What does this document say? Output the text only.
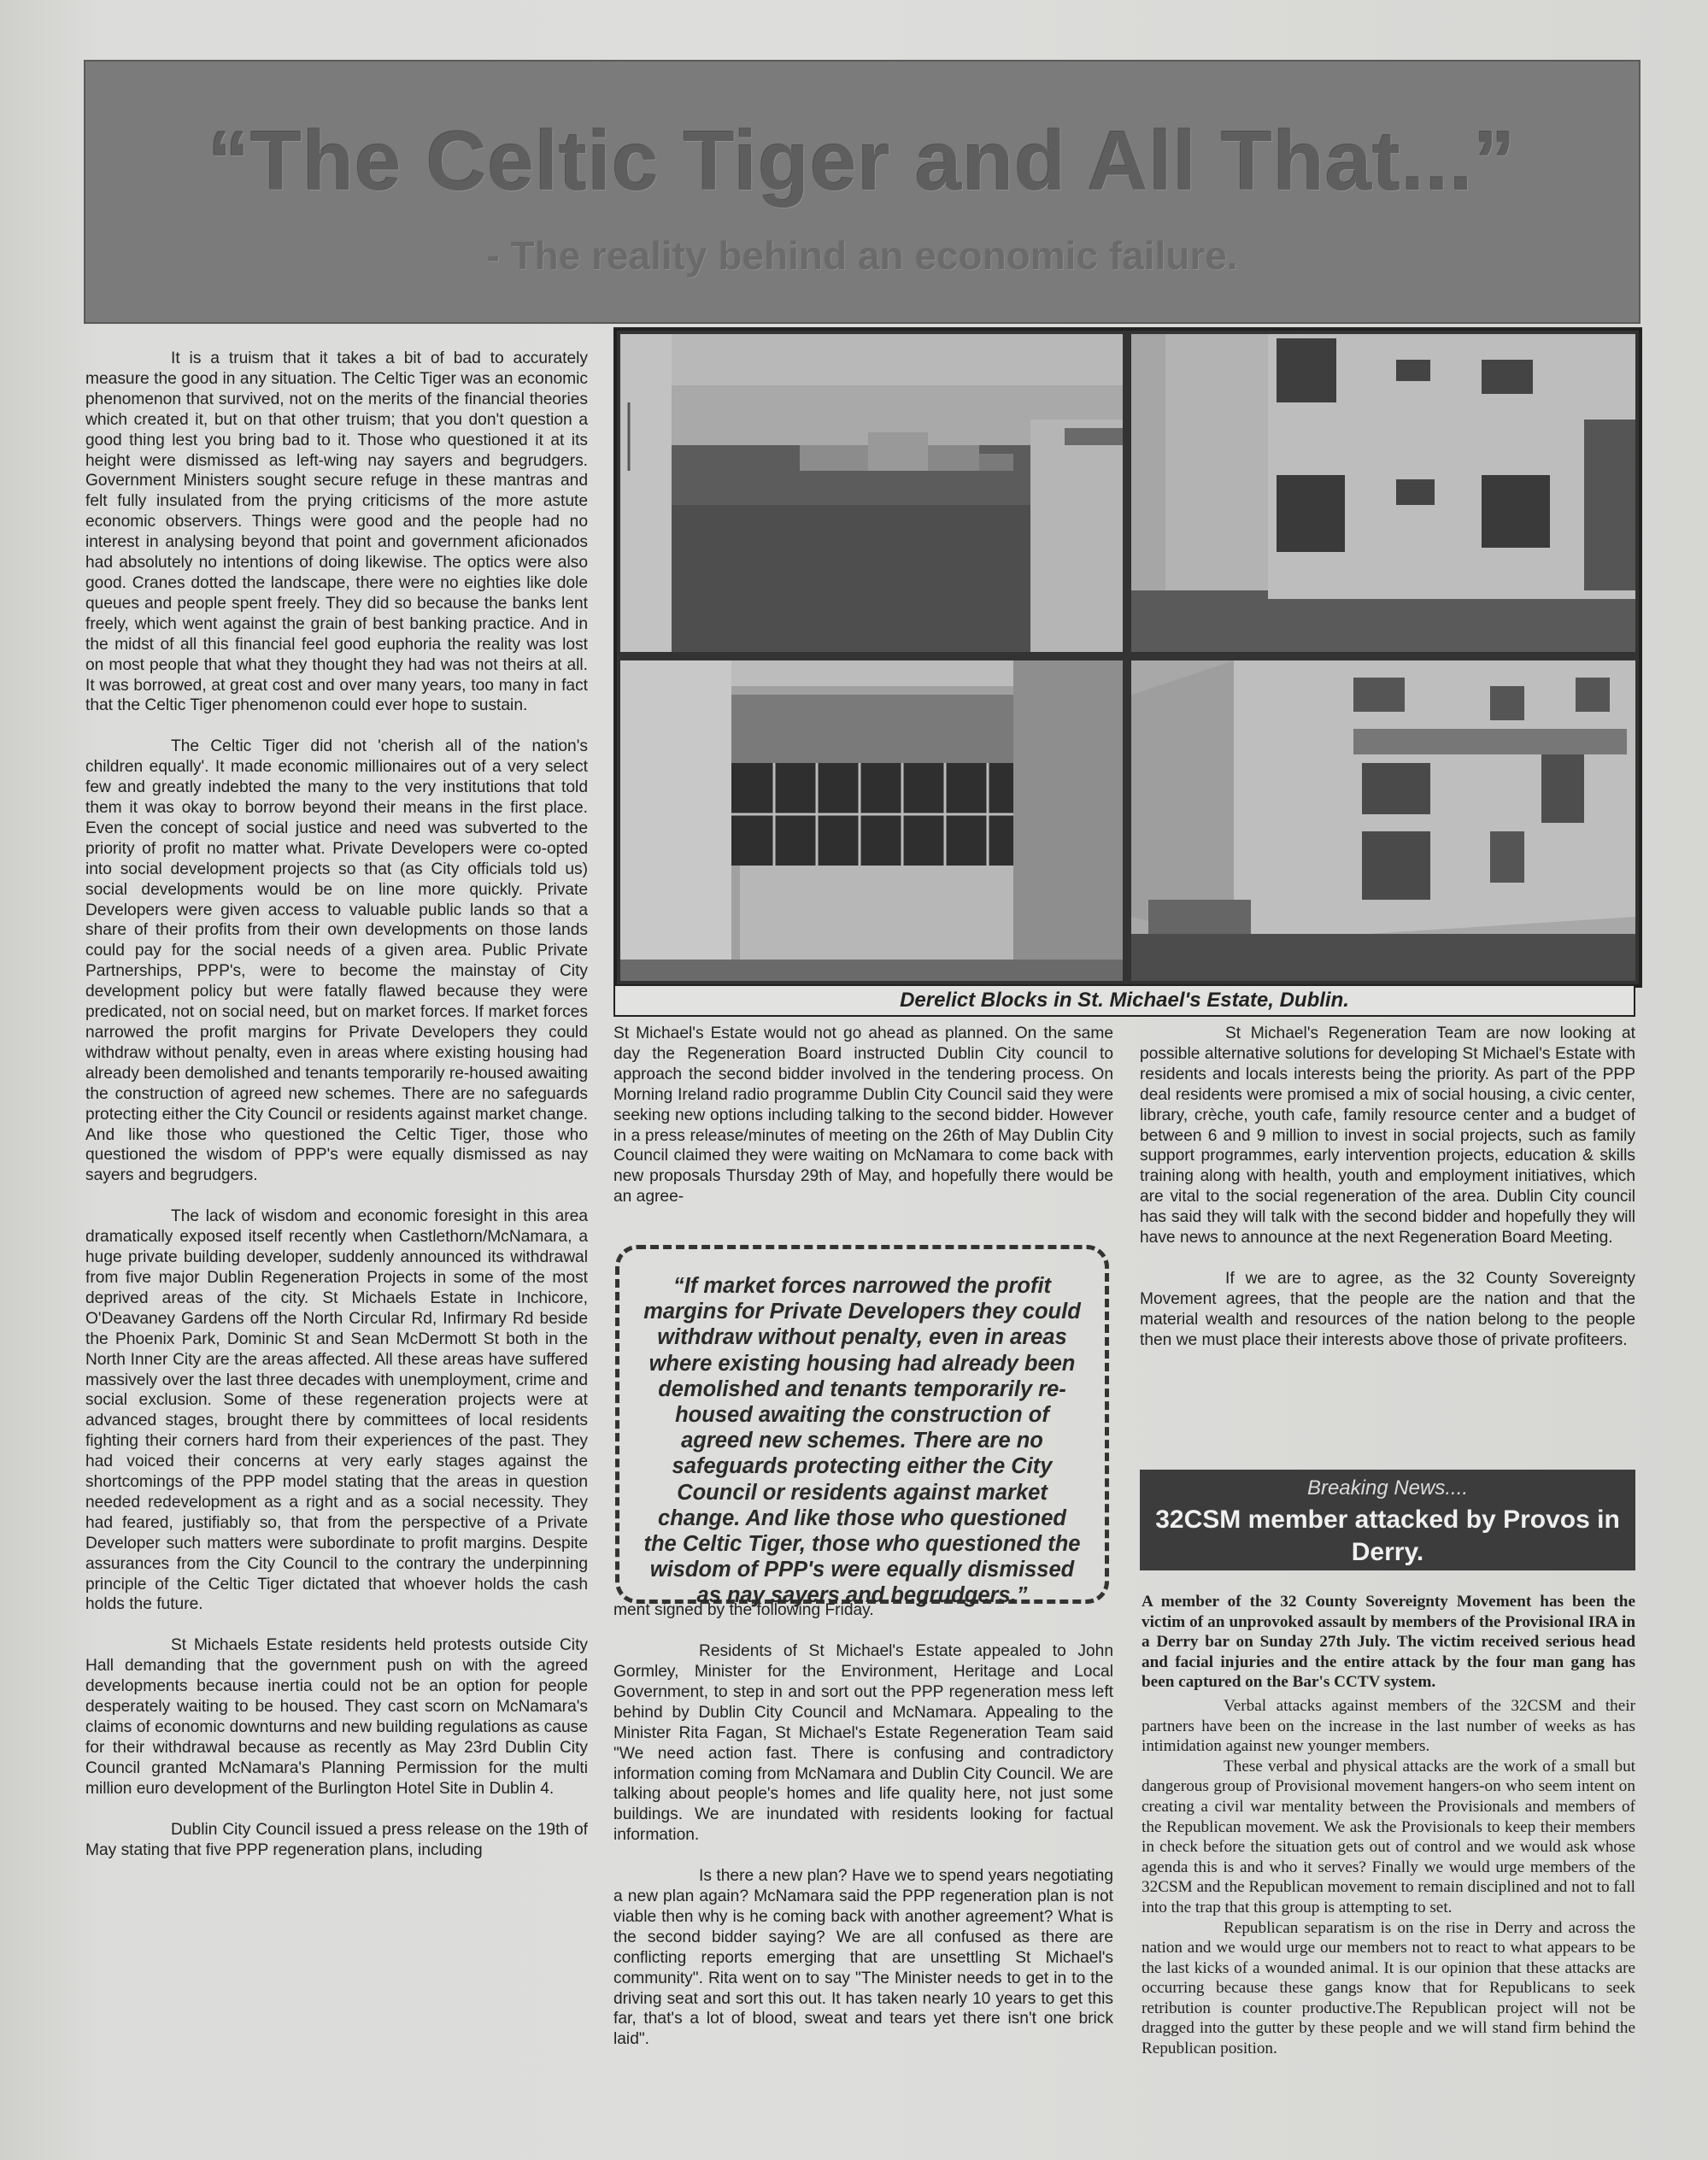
“The Celtic Tiger and All That...”
- The reality behind an economic failure.

It is a truism that it takes a bit of bad to accurately measure the good in any situation. The Celtic Tiger was an economic phenomenon that survived, not on the merits of the financial theories which created it, but on that other truism; that you don't question a good thing lest you bring bad to it. Those who questioned it at its height were dismissed as left-wing nay sayers and begrudgers. Government Ministers sought secure refuge in these mantras and felt fully insulated from the prying criticisms of the more astute economic observers. Things were good and the people had no interest in analysing beyond that point and government aficionados had absolutely no intentions of doing likewise. The optics were also good. Cranes dotted the landscape, there were no eighties like dole queues and people spent freely. They did so because the banks lent freely, which went against the grain of best banking practice. And in the midst of all this financial feel good euphoria the reality was lost on most people that what they thought they had was not theirs at all. It was borrowed, at great cost and over many years, too many in fact that the Celtic Tiger phenomenon could ever hope to sustain.

The Celtic Tiger did not 'cherish all of the nation's children equally'. It made economic millionaires out of a very select few and greatly indebted the many to the very institutions that told them it was okay to borrow beyond their means in the first place. Even the concept of social justice and need was subverted to the priority of profit no matter what. Private Developers were co-opted into social development projects so that (as City officials told us) social developments would be on line more quickly. Private Developers were given access to valuable public lands so that a share of their profits from their own developments on those lands could pay for the social needs of a given area. Public Private Partnerships, PPP's, were to become the mainstay of City development policy but were fatally flawed because they were predicated, not on social need, but on market forces. If market forces narrowed the profit margins for Private Developers they could withdraw without penalty, even in areas where existing housing had already been demolished and tenants temporarily re-housed awaiting the construction of agreed new schemes. There are no safeguards protecting either the City Council or residents against market change. And like those who questioned the Celtic Tiger, those who questioned the wisdom of PPP's were equally dismissed as nay sayers and begrudgers.

The lack of wisdom and economic foresight in this area dramatically exposed itself recently when Castlethorn/McNamara, a huge private building developer, suddenly announced its withdrawal from five major Dublin Regeneration Projects in some of the most deprived areas of the city. St Michaels Estate in Inchicore, O'Deavaney Gardens off the North Circular Rd, Infirmary Rd beside the Phoenix Park, Dominic St and Sean McDermott St both in the North Inner City are the areas affected. All these areas have suffered massively over the last three decades with unemployment, crime and social exclusion. Some of these regeneration projects were at advanced stages, brought there by committees of local residents fighting their corners hard from their experiences of the past. They had voiced their concerns at very early stages against the shortcomings of the PPP model stating that the areas in question needed redevelopment as a right and as a social necessity. They had feared, justifiably so, that from the perspective of a Private Developer such matters were subordinate to profit margins. Despite assurances from the City Council to the contrary the underpinning principle of the Celtic Tiger dictated that whoever holds the cash holds the future.

St Michaels Estate residents held protests outside City Hall demanding that the government push on with the agreed developments because inertia could not be an option for people desperately waiting to be housed. They cast scorn on McNamara's claims of economic downturns and new building regulations as cause for their withdrawal because as recently as May 23rd Dublin City Council granted McNamara's Planning Permission for the multi million euro development of the Burlington Hotel Site in Dublin 4.

Dublin City Council issued a press release on the 19th of May stating that five PPP regeneration plans, including

Derelict Blocks in St. Michael's Estate, Dublin.

St Michael's Estate would not go ahead as planned. On the same day the Regeneration Board instructed Dublin City council to approach the second bidder involved in the tendering process. On Morning Ireland radio programme Dublin City Council said they were seeking new options including talking to the second bidder. However in a press release/minutes of meeting on the 26th of May Dublin City Council claimed they were waiting on McNamara to come back with new proposals Thursday 29th of May, and hopefully there would be an agree-

ment signed by the following Friday.

Residents of St Michael's Estate appealed to John Gormley, Minister for the Environment, Heritage and Local Government, to step in and sort out the PPP regeneration mess left behind by Dublin City Council and McNamara. Appealing to the Minister Rita Fagan, St Michael's Estate Regeneration Team said "We need action fast. There is confusing and contradictory information coming from McNamara and Dublin City Council. We are talking about people's homes and life quality here, not just some buildings. We are inundated with residents looking for factual information.

Is there a new plan? Have we to spend years negotiating a new plan again? McNamara said the PPP regeneration plan is not viable then why is he coming back with another agreement? What is the second bidder saying? We are all confused as there are conflicting reports emerging that are unsettling St Michael's community". Rita went on to say "The Minister needs to get in to the driving seat and sort this out. It has taken nearly 10 years to get this far, that's a lot of blood, sweat and tears yet there isn't one brick laid".

“If market forces narrowed the profit margins for Private Developers they could withdraw without penalty, even in areas where existing housing had already been demolished and tenants temporarily re-housed awaiting the construction of agreed new schemes. There are no safeguards protecting either the City Council or residents against market change. And like those who questioned the Celtic Tiger, those who questioned the wisdom of PPP's were equally dismissed as nay sayers and begrudgers.”

St Michael's Regeneration Team are now looking at possible alternative solutions for developing St Michael's Estate with residents and locals interests being the priority. As part of the PPP deal residents were promised a mix of social housing, a civic center, library, crèche, youth cafe, family resource center and a budget of between 6 and 9 million to invest in social projects, such as family support programmes, early intervention projects, education & skills training along with health, youth and employment initiatives, which are vital to the social regeneration of the area. Dublin City council has said they will talk with the second bidder and hopefully they will have news to announce at the next Regeneration Board Meeting.

If we are to agree, as the 32 County Sovereignty Movement agrees, that the people are the nation and that the material wealth and resources of the nation belong to the people then we must place their interests above those of private profiteers.

Breaking News....
32CSM member attacked by Provos in Derry.

A member of the 32 County Sovereignty Movement has been the victim of an unprovoked assault by members of the Provisional IRA in a Derry bar on Sunday 27th July. The victim received serious head and facial injuries and the entire attack by the four man gang has been captured on the Bar's CCTV system.

Verbal attacks against members of the 32CSM and their partners have been on the increase in the last number of weeks as has intimidation against new younger members.

These verbal and physical attacks are the work of a small but dangerous group of Provisional movement hangers-on who seem intent on creating a civil war mentality between the Provisionals and members of the Republican movement. We ask the Provisionals to keep their members in check before the situation gets out of control and we would ask whose agenda this is and who it serves? Finally we would urge members of the 32CSM and the Republican movement to remain disciplined and not to fall into the trap that this group is attempting to set.

Republican separatism is on the rise in Derry and across the nation and we would urge our members not to react to what appears to be the last kicks of a wounded animal. It is our opinion that these attacks are occurring because these gangs know that for Republicans to seek retribution is counter productive.The Republican project will not be dragged into the gutter by these people and we will stand firm behind the Republican position.
